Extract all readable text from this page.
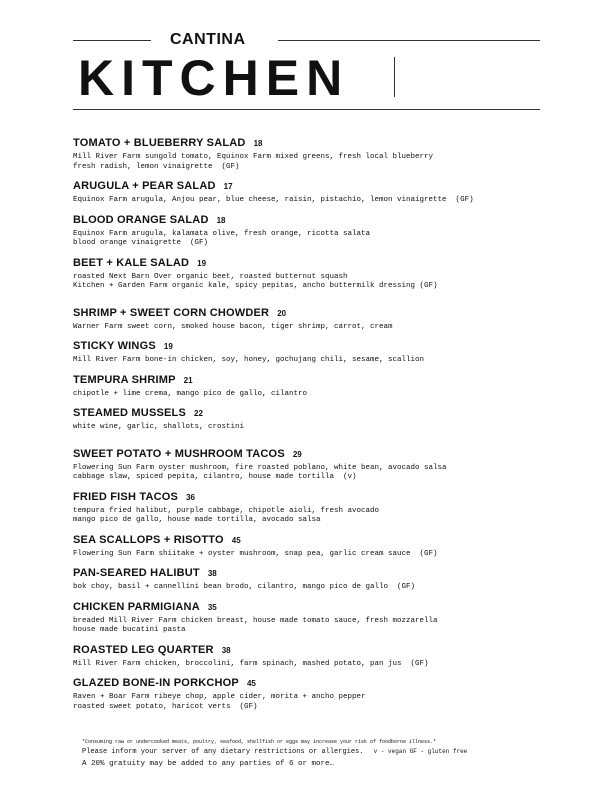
CANTINA
KITCHEN
TOMATO + BLUEBERRY SALAD 18
Mill River Farm sungold tomato, Equinox Farm mixed greens, fresh local blueberry
fresh radish, lemon vinaigrette  (GF)
ARUGULA + PEAR SALAD 17
Equinox Farm arugula, Anjou pear, blue cheese, raisin, pistachio, lemon vinaigrette  (GF)
BLOOD ORANGE SALAD 18
Equinox Farm arugula, kalamata olive, fresh orange, ricotta salata
blood orange vinaigrette  (GF)
BEET + KALE SALAD 19
roasted Next Barn Over organic beet, roasted butternut squash
Kitchen + Garden Farm organic kale, spicy pepitas, ancho buttermilk dressing (GF)
SHRIMP + SWEET CORN CHOWDER 20
Warner Farm sweet corn, smoked house bacon, tiger shrimp, carrot, cream
STICKY WINGS 19
Mill River Farm bone-in chicken, soy, honey, gochujang chili, sesame, scallion
TEMPURA SHRIMP 21
chipotle + lime crema, mango pico de gallo, cilantro
STEAMED MUSSELS 22
white wine, garlic, shallots, crostini
SWEET POTATO + MUSHROOM TACOS 29
Flowering Sun Farm oyster mushroom, fire roasted poblano, white bean, avocado salsa
cabbage slaw, spiced pepita, cilantro, house made tortilla  (v)
FRIED FISH TACOS 36
tempura fried halibut, purple cabbage, chipotle aioli, fresh avocado
mango pico de gallo, house made tortilla, avocado salsa
SEA SCALLOPS + RISOTTO 45
Flowering Sun Farm shiitake + oyster mushroom, snap pea, garlic cream sauce  (GF)
PAN-SEARED HALIBUT 38
bok choy, basil + cannellini bean brodo, cilantro, mango pico de gallo  (GF)
CHICKEN PARMIGIANA 35
breaded Mill River Farm chicken breast, house made tomato sauce, fresh mozzarella
house made bucatini pasta
ROASTED LEG QUARTER 38
Mill River Farm chicken, broccolini, farm spinach, mashed potato, pan jus  (GF)
GLAZED BONE-IN PORKCHOP 45
Raven + Boar Farm ribeye chop, apple cider, morita + ancho pepper
roasted sweet potato, haricot verts  (GF)
*Consuming raw or undercooked meats, poultry, seafood, shellfish or eggs may increase your risk of foodborne illness.*
Please inform your server of any dietary restrictions or allergies. v - vegan GF - gluten free
A 20% gratuity may be added to any parties of 6 or more…
